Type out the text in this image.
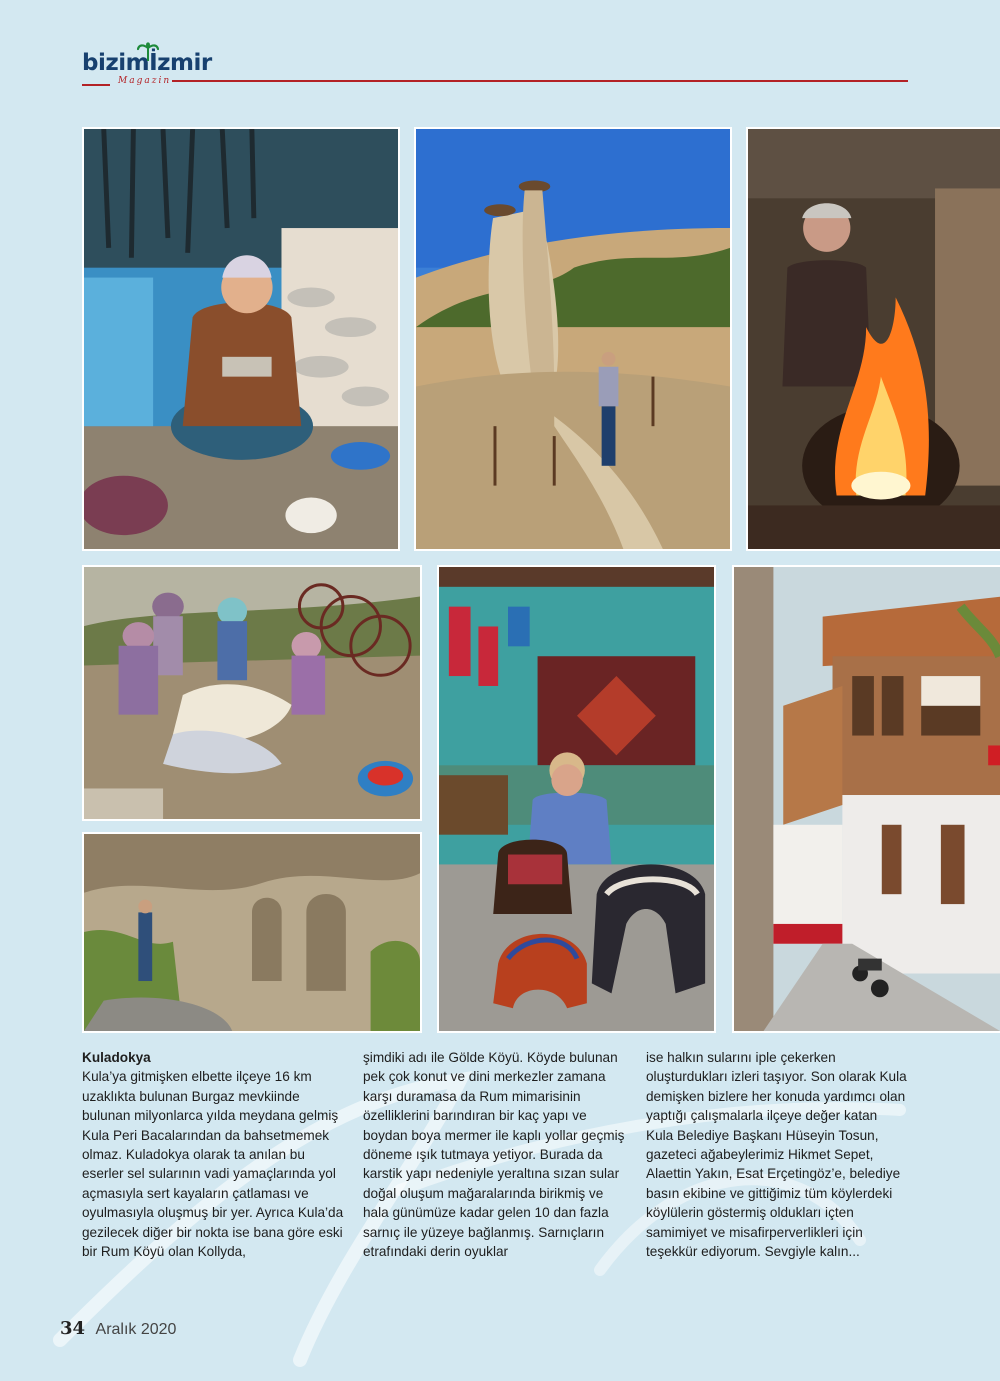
bizimİzmir
Magazin

Kuladokya

Kula’ya gitmişken elbette ilçeye 16 km uzaklıkta bulunan Burgaz mevkiinde bulunan milyonlarca yılda meydana gelmiş Kula Peri Bacalarından da bahsetmemek olmaz. Kuladokya olarak ta anılan bu eserler sel sularının vadi yamaçlarında yol açmasıyla sert kayaların çatlaması ve oyulmasıyla oluşmuş bir yer. Ayrıca Kula’da gezilecek diğer bir nokta ise bana göre eski bir Rum Köyü olan Kollyda,

şimdiki adı ile Gölde Köyü. Köyde bulunan pek çok konut ve dini merkezler zamana karşı duramasa da Rum mimarisinin özelliklerini barındıran bir kaç yapı ve boydan boya mermer ile kaplı yollar geçmiş döneme ışık tutmaya yetiyor. Burada da karstik yapı nedeniyle yeraltına sızan sular doğal oluşum mağaralarında birikmiş ve hala günümüze kadar gelen 10 dan fazla sarnıç ile yüzeye bağlanmış. Sarnıçların etrafındaki derin oyuklar

ise halkın sularını iple çekerken oluşturdukları izleri taşıyor. Son olarak Kula demişken bizlere her konuda yardımcı olan yaptığı çalışmalarla ilçeye değer katan Kula Belediye Başkanı Hüseyin Tosun, gazeteci ağabeylerimiz Hikmet Sepet, Alaettin Yakın, Esat Erçetingöz’e, belediye basın ekibine ve gittiğimiz tüm köylerdeki köylülerin göstermiş oldukları içten samimiyet ve misafirperverlikleri için teşekkür ediyorum. Sevgiyle kalın...

34 Aralık 2020
